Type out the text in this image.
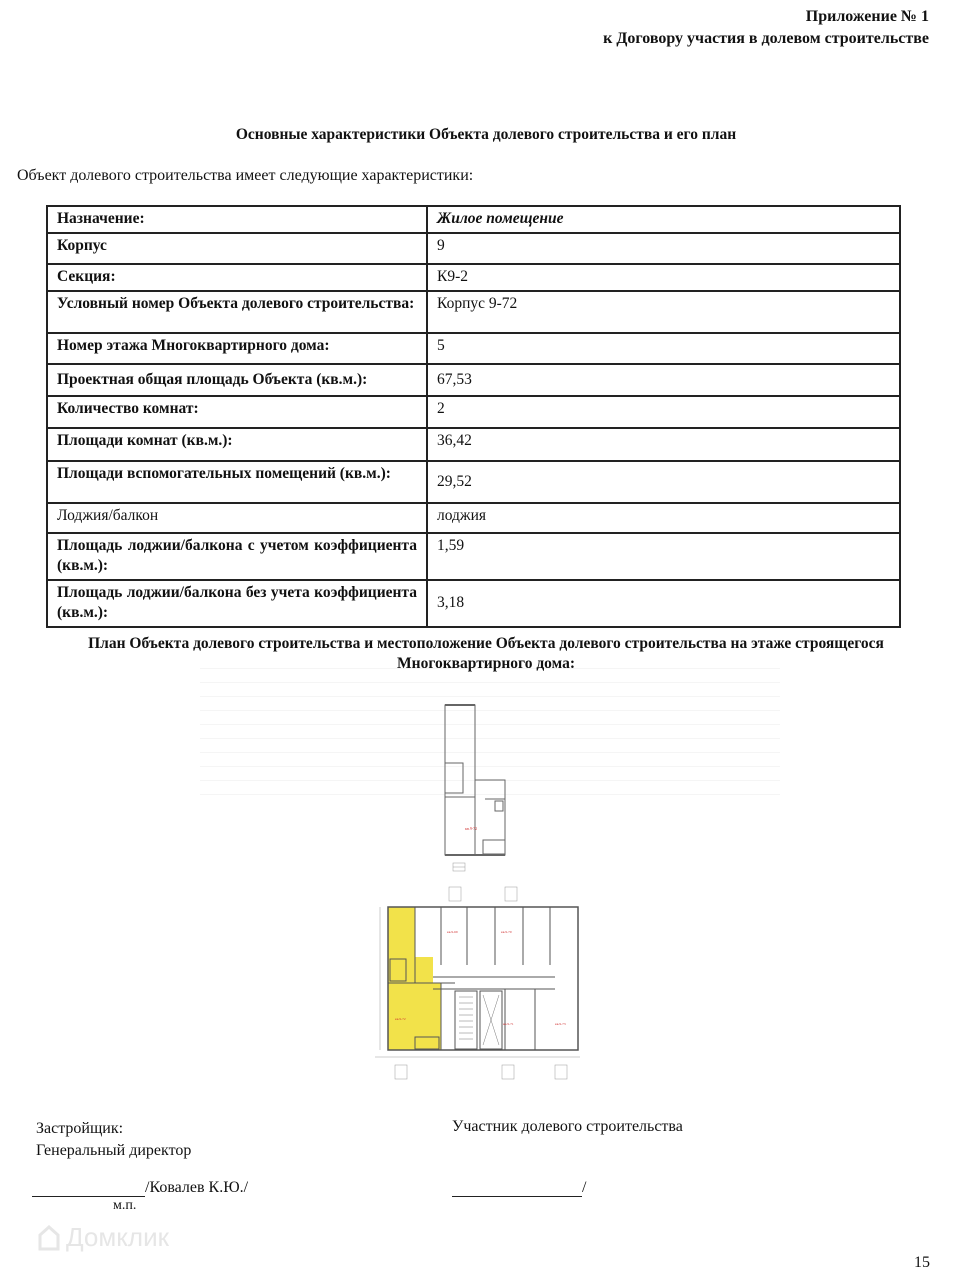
Приложение № 1
к Договору участия в долевом строительстве
Основные характеристики Объекта долевого строительства и его план
Объект долевого строительства имеет следующие характеристики:
Назначение:	Жилое помещение
Корпус	9
Секция:	К9-2
Условный номер Объекта долевого строительства:	Корпус 9-72
Номер этажа Многоквартирного дома:	5
Проектная общая площадь Объекта (кв.м.):	67,53
Количество комнат:	2
Площади комнат (кв.м.):	36,42
Площади вспомогательных помещений (кв.м.):	29,52
Лоджия/балкон	лоджия
Площадь лоджии/балкона с учетом коэффициента (кв.м.):	1,59
Площадь лоджии/балкона без учета коэффициента (кв.м.):	3,18
План Объекта долевого строительства и местоположение Объекта долевого строительства на этаже строящегося
Многоквартирного дома:
кв.9-72
кв.9-72
кв.9-69	кв.9-70
кв.9-71	кв.9-73
Застройщик:
Генеральный директор
Участник долевого строительства
/Ковалев К.Ю./
м.п.
/
Домклик
15
